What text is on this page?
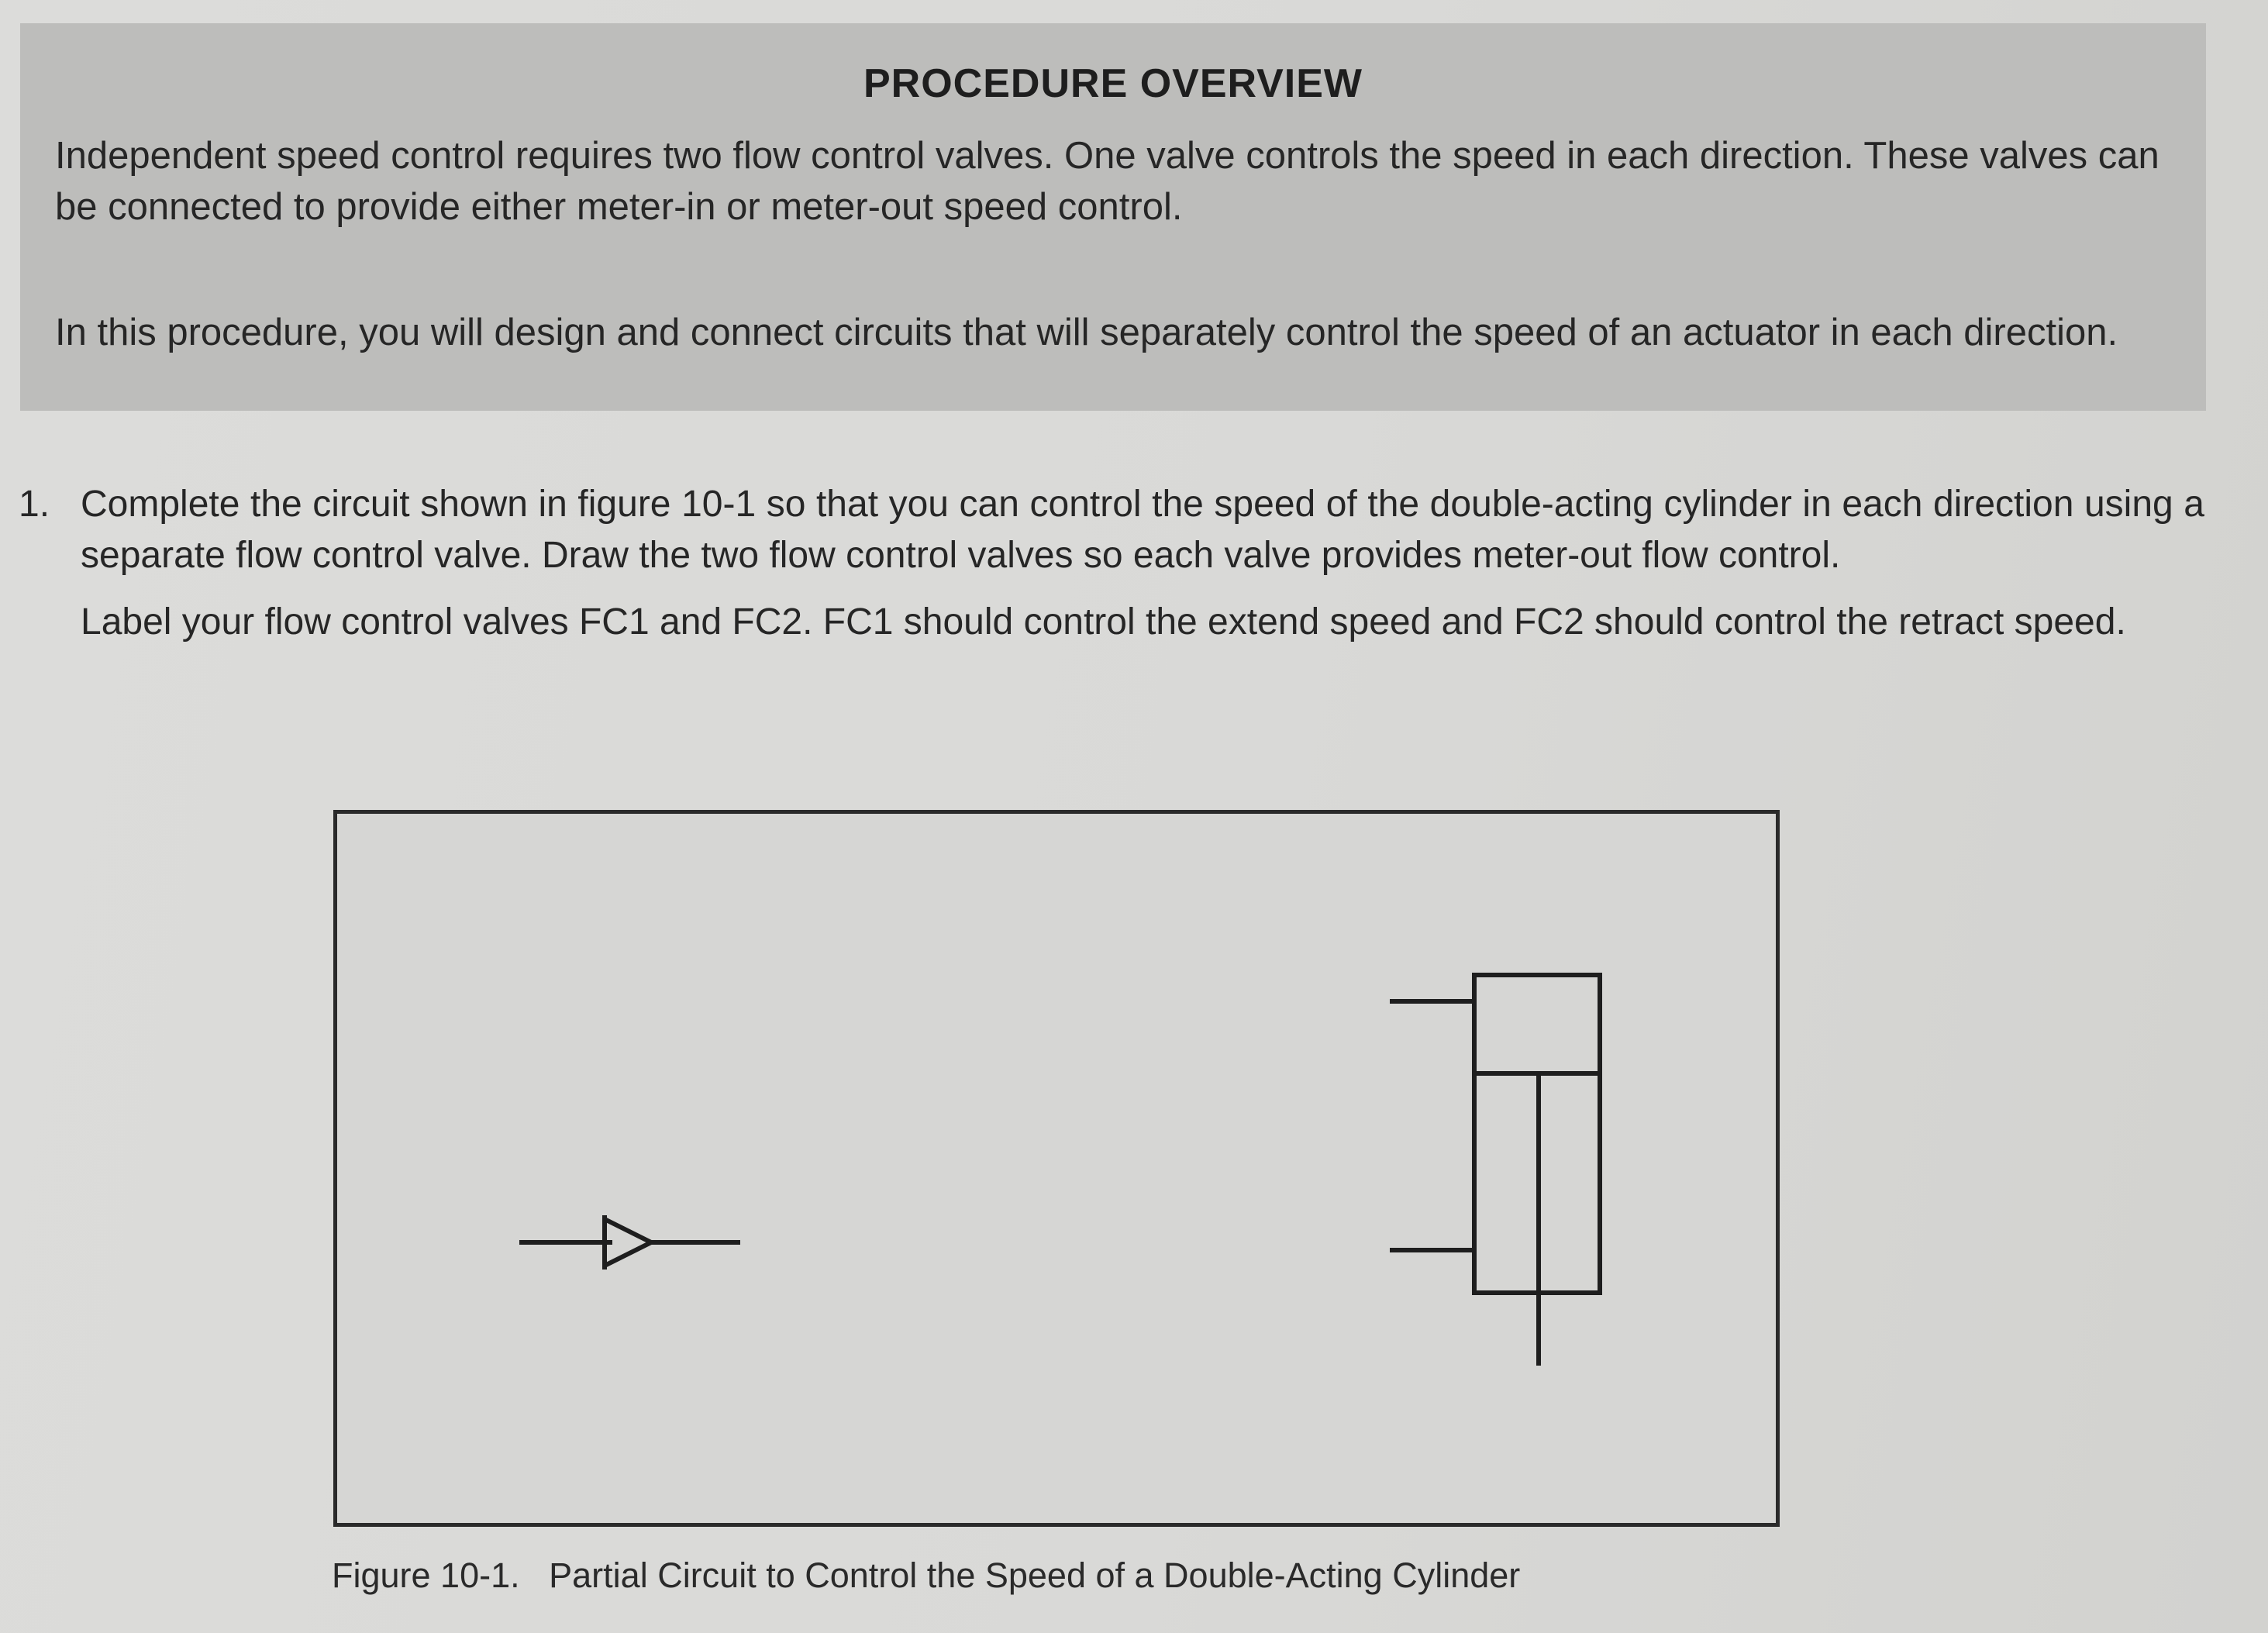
PROCEDURE OVERVIEW

Independent speed control requires two flow control valves. One valve controls the speed in each direction. These valves can be connected to provide either meter-in or meter-out speed control.

In this procedure, you will design and connect circuits that will separately control the speed of an actuator in each direction.

1. Complete the circuit shown in figure 10-1 so that you can control the speed of the double-acting cylinder in each direction using a separate flow control valve. Draw the two flow control valves so each valve provides meter-out flow control.

Label your flow control valves FC1 and FC2. FC1 should control the extend speed and FC2 should control the retract speed.

Figure 10-1. Partial Circuit to Control the Speed of a Double-Acting Cylinder
